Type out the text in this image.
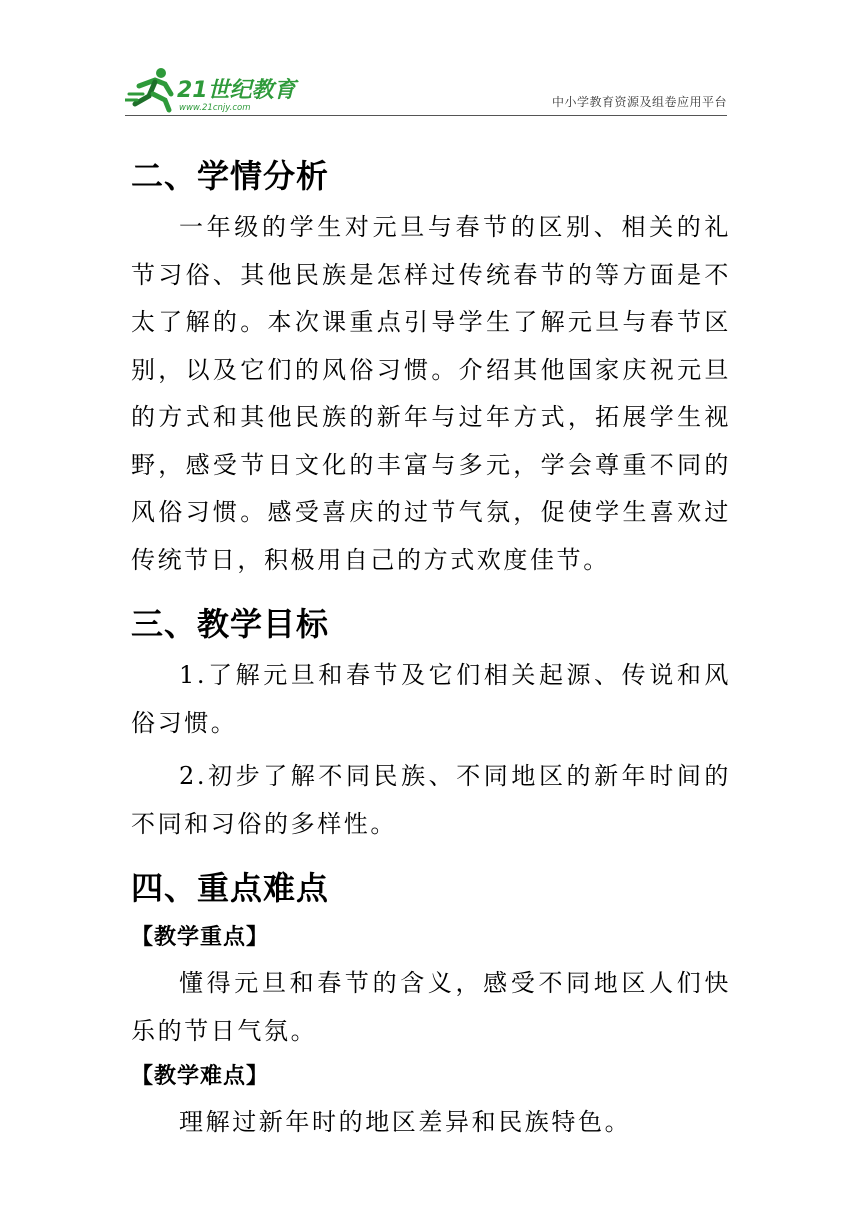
21世纪教育
www.21cnjy.com	中小学教育资源及组卷应用平台
二、学情分析

一年级的学生对元旦与春节的区别、相关的礼节习俗、其他民族是怎样过传统春节的等方面是不太了解的。本次课重点引导学生了解元旦与春节区别，以及它们的风俗习惯。介绍其他国家庆祝元旦的方式和其他民族的新年与过年方式，拓展学生视野，感受节日文化的丰富与多元，学会尊重不同的风俗习惯。感受喜庆的过节气氛，促使学生喜欢过传统节日，积极用自己的方式欢度佳节。

三、教学目标

1.了解元旦和春节及它们相关起源、传说和风俗习惯。

2.初步了解不同民族、不同地区的新年时间的不同和习俗的多样性。

四、重点难点

【教学重点】

懂得元旦和春节的含义，感受不同地区人们快乐的节日气氛。

【教学难点】

理解过新年时的地区差异和民族特色。
